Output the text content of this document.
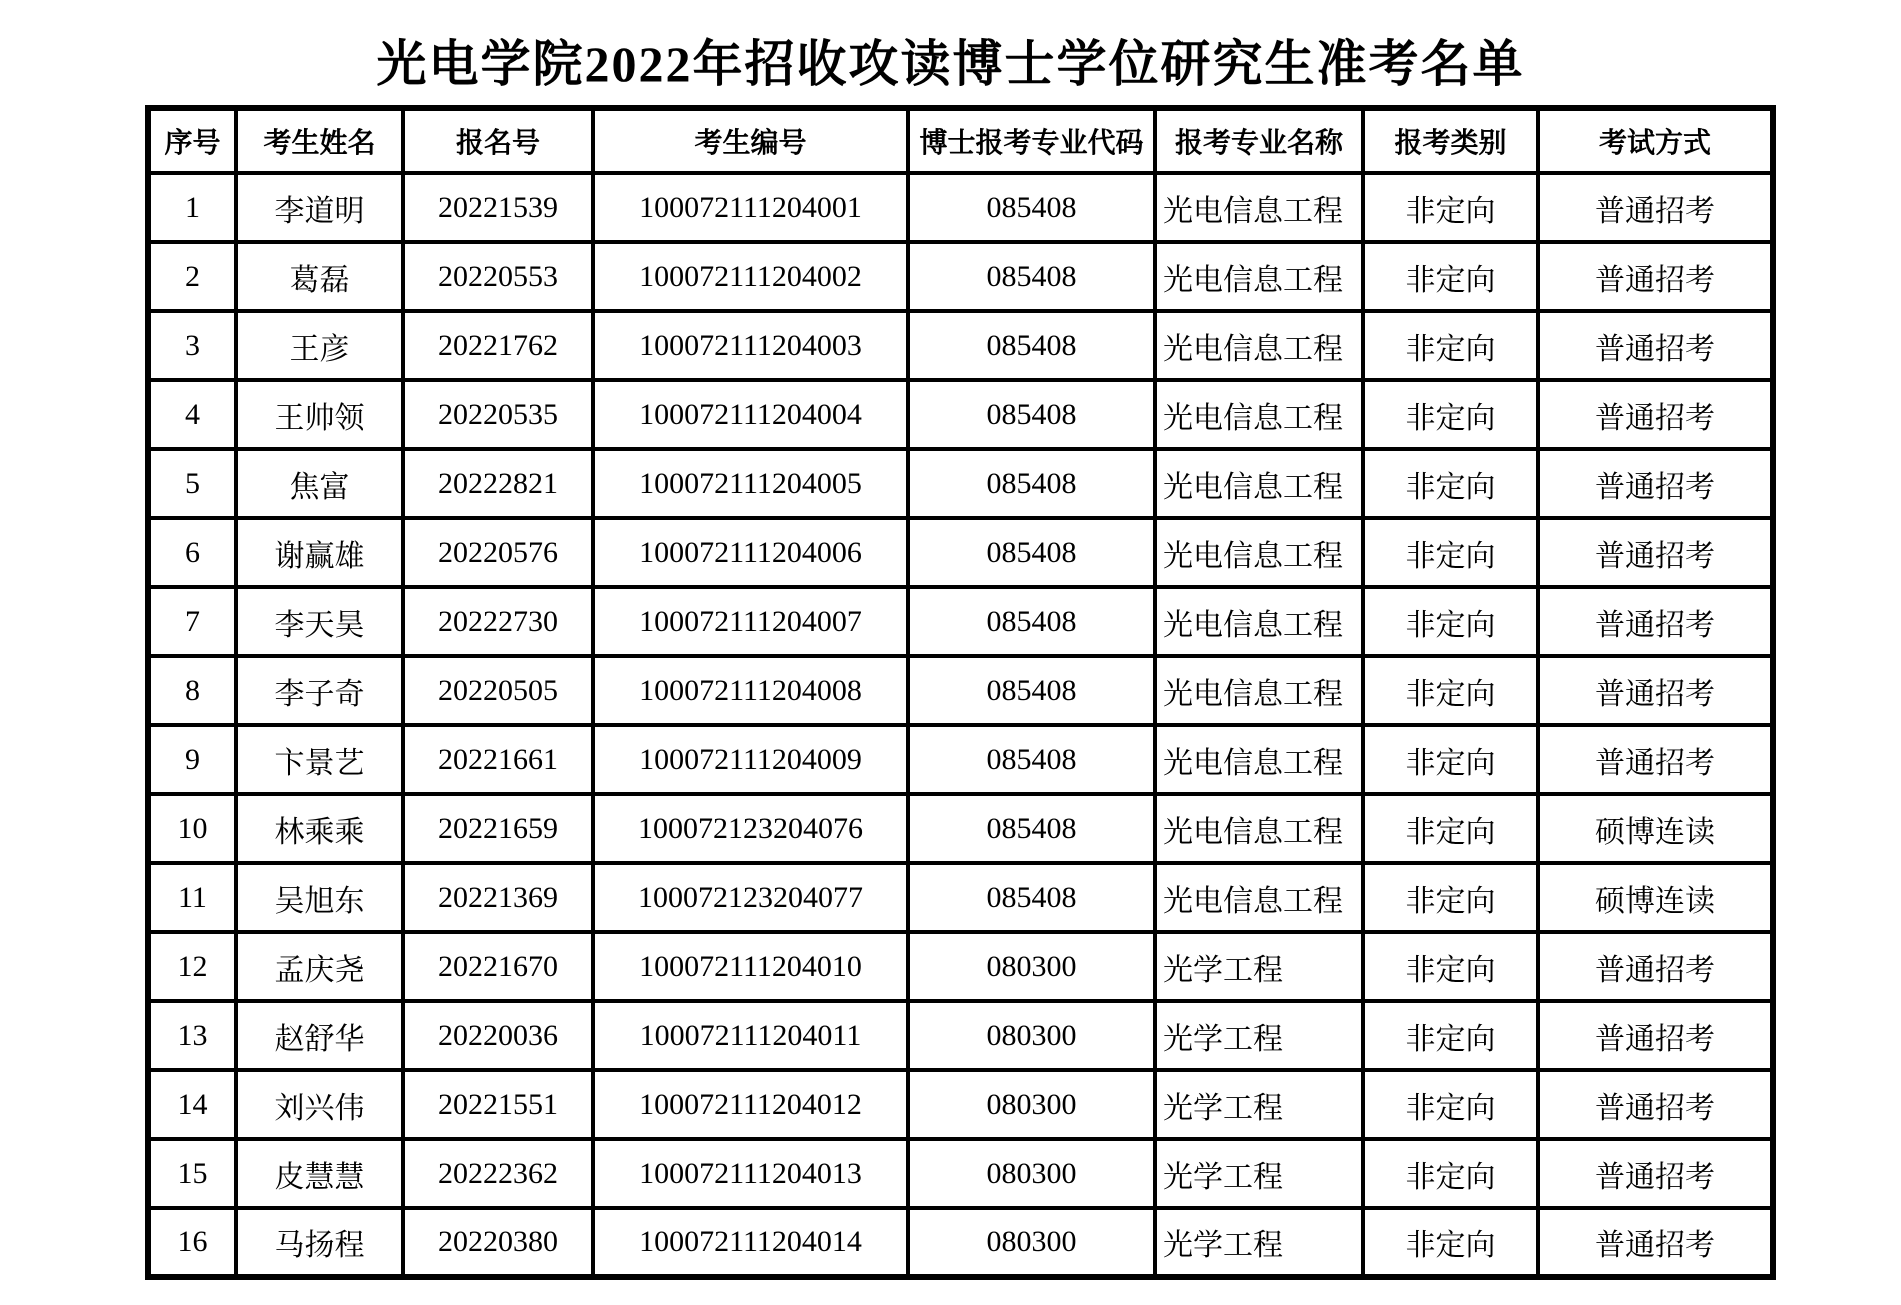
光电学院2022年招收攻读博士学位研究生准考名单
序号	考生姓名	报名号	考生编号	博士报考专业代码	报考专业名称	报考类别	考试方式
1	李道明	20221539	100072111204001	085408	光电信息工程	非定向	普通招考
2	葛磊	20220553	100072111204002	085408	光电信息工程	非定向	普通招考
3	王彦	20221762	100072111204003	085408	光电信息工程	非定向	普通招考
4	王帅领	20220535	100072111204004	085408	光电信息工程	非定向	普通招考
5	焦富	20222821	100072111204005	085408	光电信息工程	非定向	普通招考
6	谢赢雄	20220576	100072111204006	085408	光电信息工程	非定向	普通招考
7	李天昊	20222730	100072111204007	085408	光电信息工程	非定向	普通招考
8	李子奇	20220505	100072111204008	085408	光电信息工程	非定向	普通招考
9	卞景艺	20221661	100072111204009	085408	光电信息工程	非定向	普通招考
10	林乘乘	20221659	100072123204076	085408	光电信息工程	非定向	硕博连读
11	吴旭东	20221369	100072123204077	085408	光电信息工程	非定向	硕博连读
12	孟庆尧	20221670	100072111204010	080300	光学工程	非定向	普通招考
13	赵舒华	20220036	100072111204011	080300	光学工程	非定向	普通招考
14	刘兴伟	20221551	100072111204012	080300	光学工程	非定向	普通招考
15	皮慧慧	20222362	100072111204013	080300	光学工程	非定向	普通招考
16	马扬程	20220380	100072111204014	080300	光学工程	非定向	普通招考
